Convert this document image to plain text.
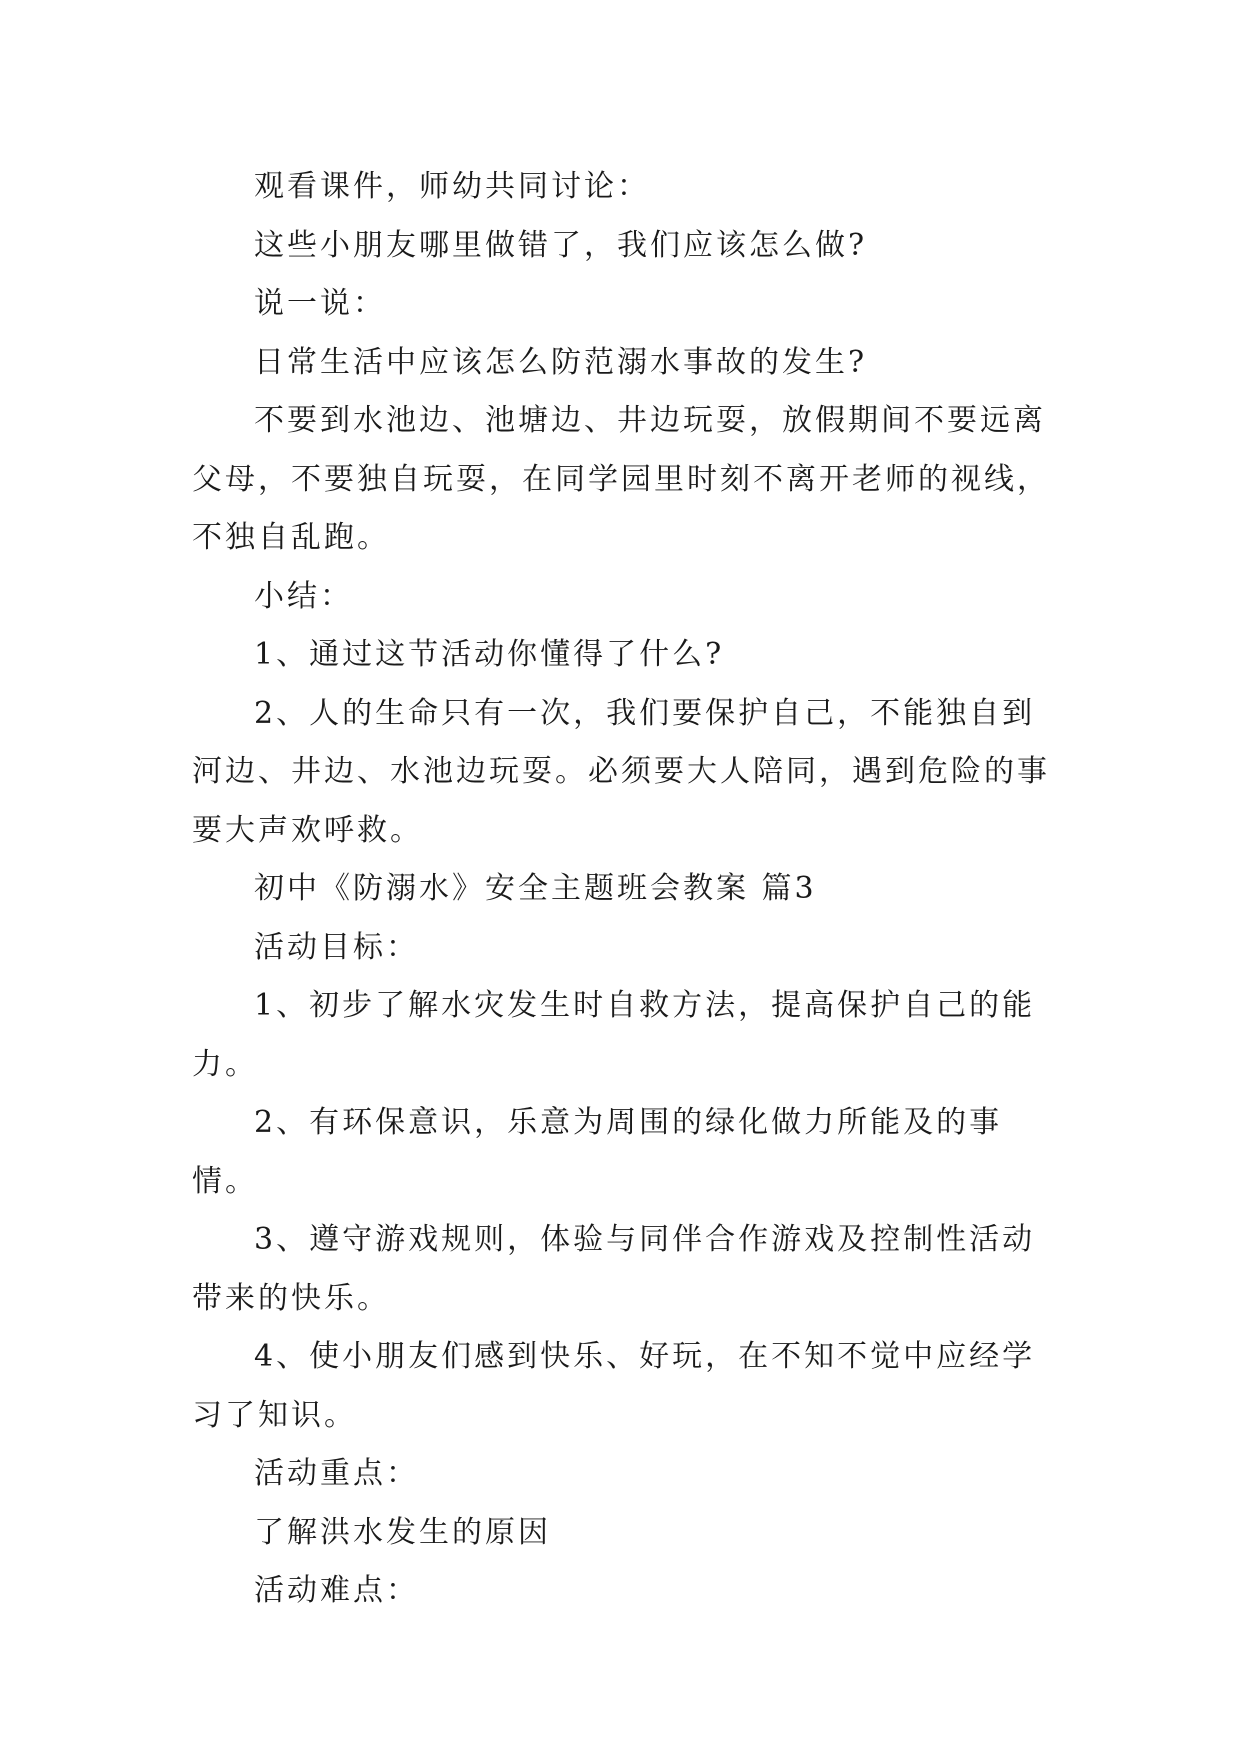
观看课件，师幼共同讨论：

这些小朋友哪里做错了，我们应该怎么做?

说一说：

日常生活中应该怎么防范溺水事故的发生?

不要到水池边、池塘边、井边玩耍，放假期间不要远离父母，不要独自玩耍，在同学园里时刻不离开老师的视线，不独自乱跑。

小结：

1、通过这节活动你懂得了什么?

2、人的生命只有一次，我们要保护自己，不能独自到河边、井边、水池边玩耍。必须要大人陪同，遇到危险的事要大声欢呼救。

初中《防溺水》安全主题班会教案 篇3

活动目标：

1、初步了解水灾发生时自救方法，提高保护自己的能力。

2、有环保意识，乐意为周围的绿化做力所能及的事情。

3、遵守游戏规则，体验与同伴合作游戏及控制性活动带来的快乐。

4、使小朋友们感到快乐、好玩，在不知不觉中应经学习了知识。

活动重点：

了解洪水发生的原因

活动难点：
